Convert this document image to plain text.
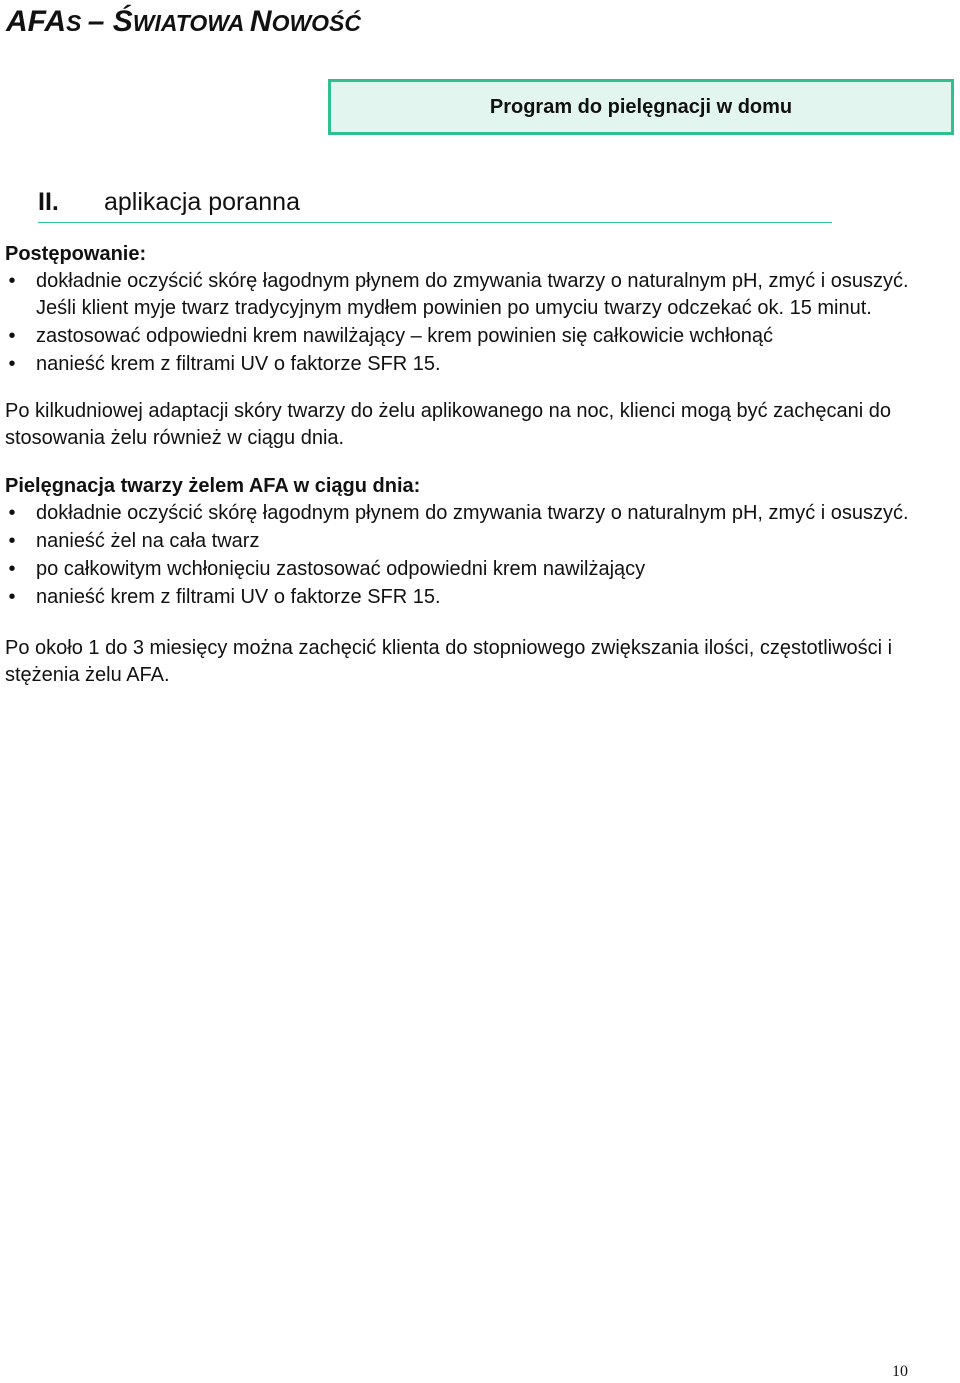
AFAS – ŚWIATOWA NOWOŚĆ
Program do pielęgnacji w domu
II. aplikacja poranna

Postępowanie:

• dokładnie oczyścić skórę łagodnym płynem do zmywania twarzy o naturalnym pH, zmyć i osuszyć. Jeśli klient myje twarz tradycyjnym mydłem powinien po umyciu twarzy odczekać ok. 15 minut.
• zastosować odpowiedni krem nawilżający – krem powinien się całkowicie wchłonąć
• nanieść krem z filtrami UV o faktorze SFR 15.

Po kilkudniowej adaptacji skóry twarzy do żelu aplikowanego na noc, klienci mogą być zachęcani do stosowania żelu również w ciągu dnia.

Pielęgnacja twarzy żelem AFA w ciągu dnia:

• dokładnie oczyścić skórę łagodnym płynem do zmywania twarzy o naturalnym pH, zmyć i osuszyć.
• nanieść żel na cała twarz
• po całkowitym wchłonięciu zastosować odpowiedni krem nawilżający
• nanieść krem z filtrami UV o faktorze SFR 15.

Po około 1 do 3 miesięcy można zachęcić klienta do stopniowego zwiększania ilości, częstotliwości i stężenia żelu AFA.

10
